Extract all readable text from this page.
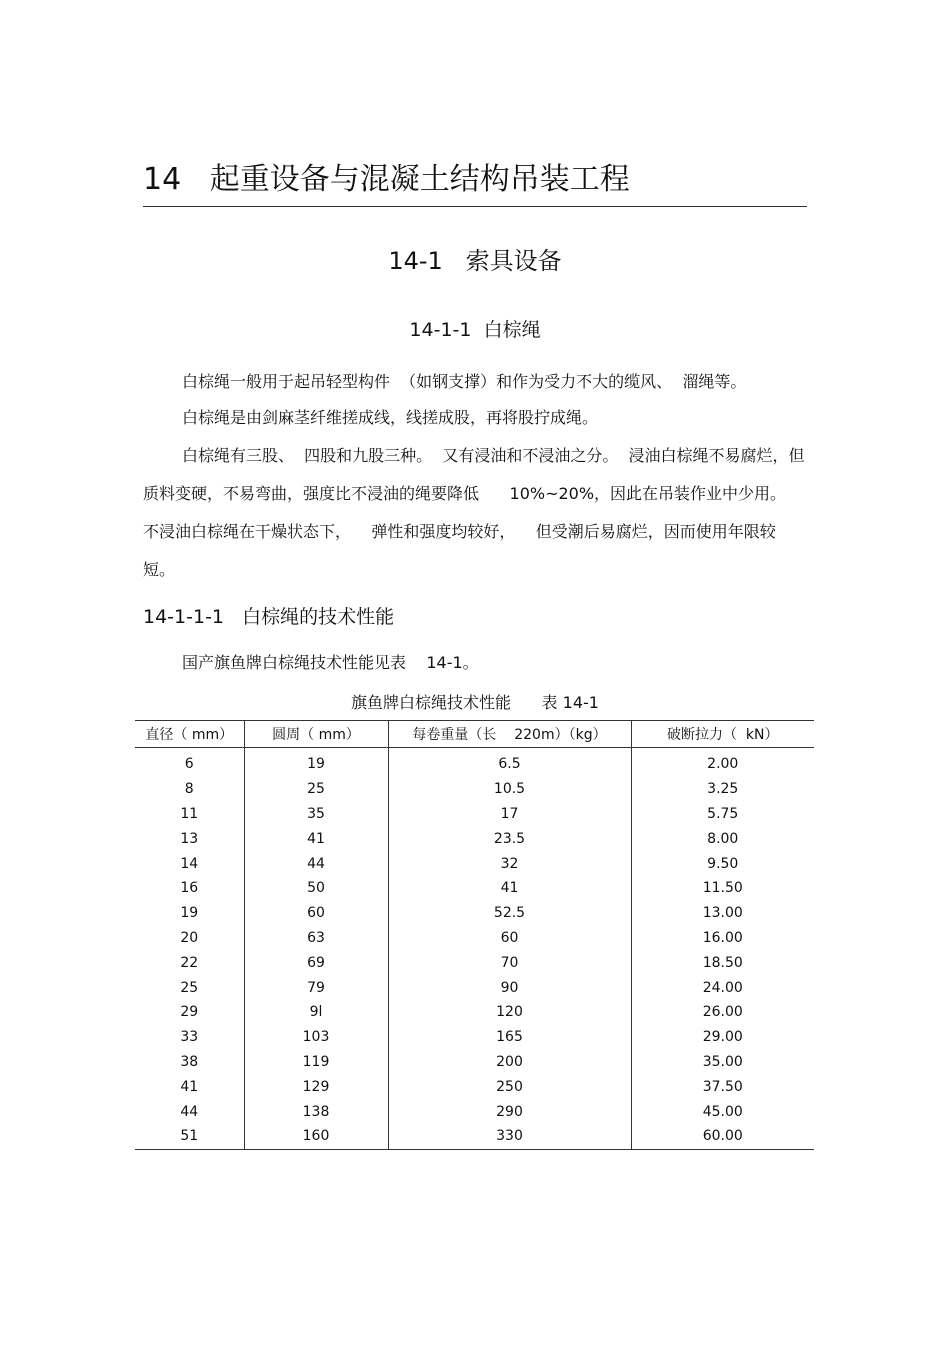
14   起重设备与混凝土结构吊装工程
14-1   索具设备
14-1-1  白棕绳
白棕绳一般用于起吊轻型构件  （如钢支撑）和作为受力不大的缆风、  溜绳等。
白棕绳是由剑麻茎纤维搓成线，线搓成股，再将股拧成绳。
白棕绳有三股、  四股和九股三种。  又有浸油和不浸油之分。  浸油白棕绳不易腐烂，但质料变硬，不易弯曲，强度比不浸油的绳要降低      10%~20%，因此在吊装作业中少用。  不浸油白棕绳在干燥状态下，    弹性和强度均较好，    但受潮后易腐烂，因而使用年限较短。
14-1-1-1   白棕绳的技术性能
国产旗鱼牌白棕绳技术性能见表    14-1。
旗鱼牌白棕绳技术性能      表 14-1
直径（ mm）	圆周（ mm）	每卷重量（长    220m）（kg）	破断拉力（  kN）
6	19	6.5	2.00
8	25	10.5	3.25
11	35	17	5.75
13	41	23.5	8.00
14	44	32	9.50
16	50	41	11.50
19	60	52.5	13.00
20	63	60	16.00
22	69	70	18.50
25	79	90	24.00
29	9l	120	26.00
33	103	165	29.00
38	119	200	35.00
41	129	250	37.50
44	138	290	45.00
51	160	330	60.00
